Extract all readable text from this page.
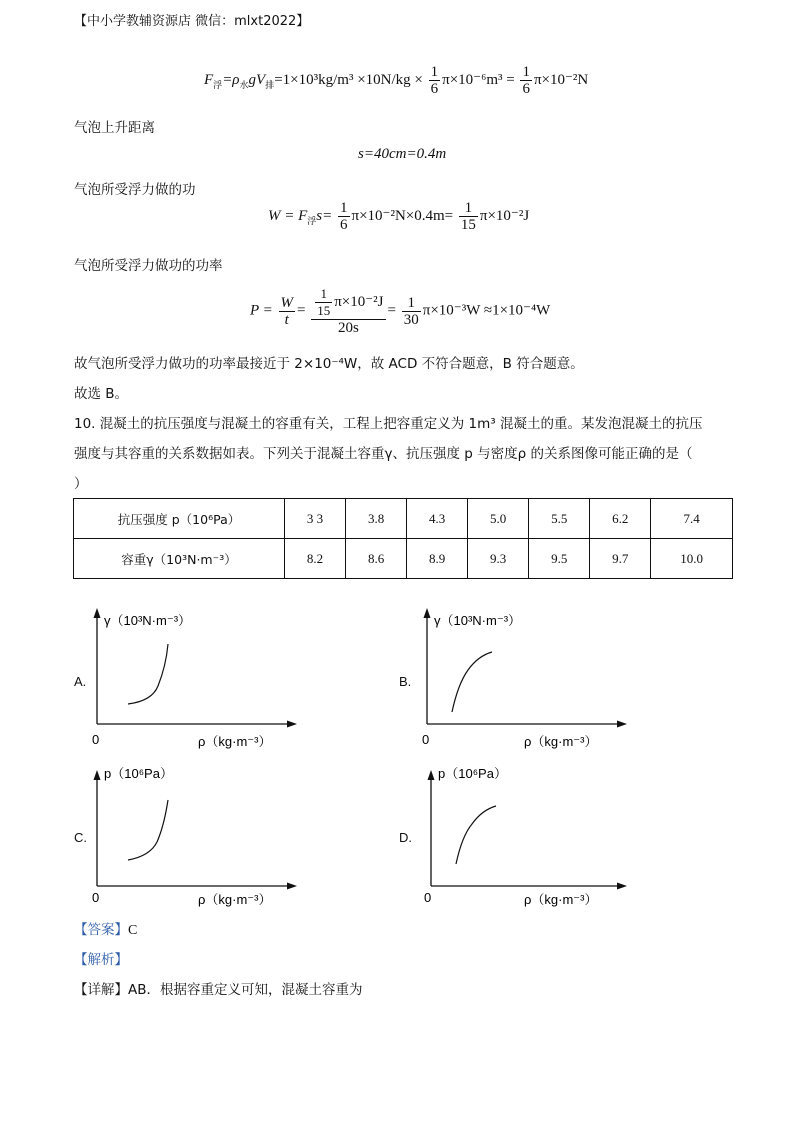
【中小学教辅资源店 微信：mlxt2022】
$F_浮=\rho_水gV_排=1\times 10^3kg/m^3 \times 10N/kg \times \frac{1}{6} \pi\times 10^{-6}m^3 = \frac{1}{6} \pi\times 10^{-2}N$
气泡上升距离
s=40cm=0.4m
气泡所受浮力做的功
$W = F_浮s= \frac{1}{6} \pi\times 10^{-2}N\times 0.4m= \frac{1}{15} \pi\times 10^{-2}J$
气泡所受浮力做功的功率
$P = \frac{W}{t} = \frac{\frac{1}{15} \pi\times 10^{-2}J}{20s} = \frac{1}{30} \pi\times 10^{-3}W \approx 1\times 10^{-4}W$
故气泡所受浮力做功的功率最接近于 2×10⁻⁴W，故 ACD 不符合题意，B 符合题意。
故选 B。
10. 混凝土的抗压强度与混凝土的容重有关，工程上把容重定义为 1m³ 混凝土的重。某发泡混凝土的抗压
强度与其容重的关系数据如表。下列关于混凝土容重γ、抗压强度 p 与密度ρ 的关系图像可能正确的是（
）
抗压强度 p（10⁶Pa）	3 3	3.8	4.3	5.0	5.5	6.2	7.4
容重γ（10³N·m⁻³）	8.2	8.6	8.9	9.3	9.5	9.7	10.0
A.
γ（10³N·m⁻³）
0	ρ（kg·m⁻³）
B.
γ（10³N·m⁻³）
0	ρ（kg·m⁻³）
C.
p（10⁶Pa）
0	ρ（kg·m⁻³）
D.
p（10⁶Pa）
0	ρ（kg·m⁻³）
【答案】C
【解析】
【详解】AB．根据容重定义可知，混凝土容重为
